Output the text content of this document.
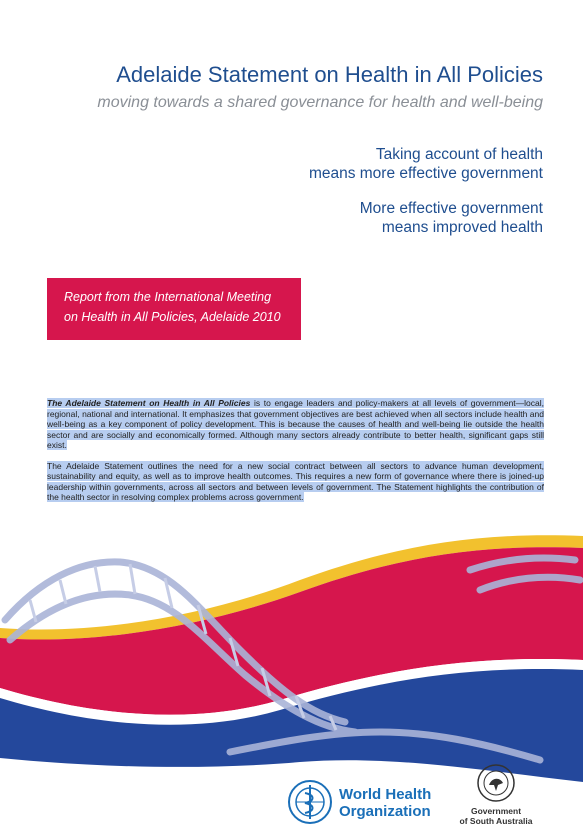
Adelaide Statement on Health in All Policies
moving towards a shared governance for health and well-being
Taking account of health
means more effective government
More effective government
means improved health
Report from the International Meeting
on Health in All Policies, Adelaide 2010

The Adelaide Statement on Health in All Policies is to engage leaders and policy-makers at all levels of government—local, regional, national and international. It emphasizes that government objectives are best achieved when all sectors include health and well-being as a key component of policy development. This is because the causes of health and well-being lie outside the health sector and are socially and economically formed. Although many sectors already contribute to better health, significant gaps still exist.

The Adelaide Statement outlines the need for a new social contract between all sectors to advance human development, sustainability and equity, as well as to improve health outcomes. This requires a new form of governance where there is joined-up leadership within governments, across all sectors and between levels of government. The Statement highlights the contribution of the health sector in resolving complex problems across government.

World Health
Organization	Government
of South Australia
